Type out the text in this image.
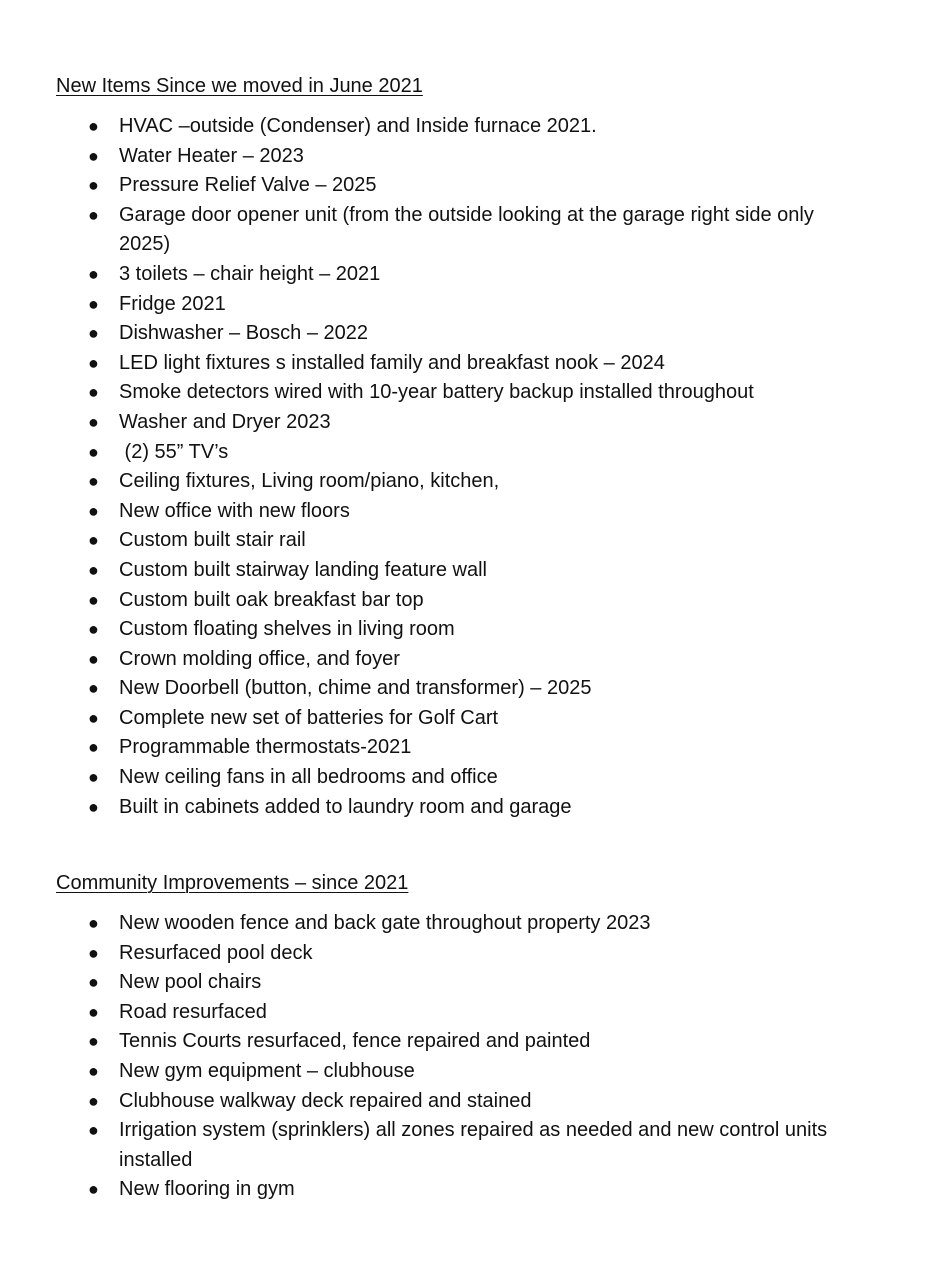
New Items Since we moved in June 2021
● HVAC –outside (Condenser) and Inside furnace 2021.
● Water Heater – 2023
● Pressure Relief Valve – 2025
● Garage door opener unit (from the outside looking at the garage right side only 2025)
● 3 toilets – chair height – 2021
● Fridge 2021
● Dishwasher – Bosch – 2022
● LED light fixtures s installed family and breakfast nook – 2024
● Smoke detectors wired with 10-year battery backup installed throughout
● Washer and Dryer 2023
● (2) 55” TV’s
● Ceiling fixtures, Living room/piano, kitchen,
● New office with new floors
● Custom built stair rail
● Custom built stairway landing feature wall
● Custom built oak breakfast bar top
● Custom floating shelves in living room
● Crown molding office, and foyer
● New Doorbell (button, chime and transformer) – 2025
● Complete new set of batteries for Golf Cart
● Programmable thermostats-2021
● New ceiling fans in all bedrooms and office
● Built in cabinets added to laundry room and garage
Community Improvements – since 2021
● New wooden fence and back gate throughout property 2023
● Resurfaced pool deck
● New pool chairs
● Road resurfaced
● Tennis Courts resurfaced, fence repaired and painted
● New gym equipment – clubhouse
● Clubhouse walkway deck repaired and stained
● Irrigation system (sprinklers) all zones repaired as needed and new control units installed
● New flooring in gym
